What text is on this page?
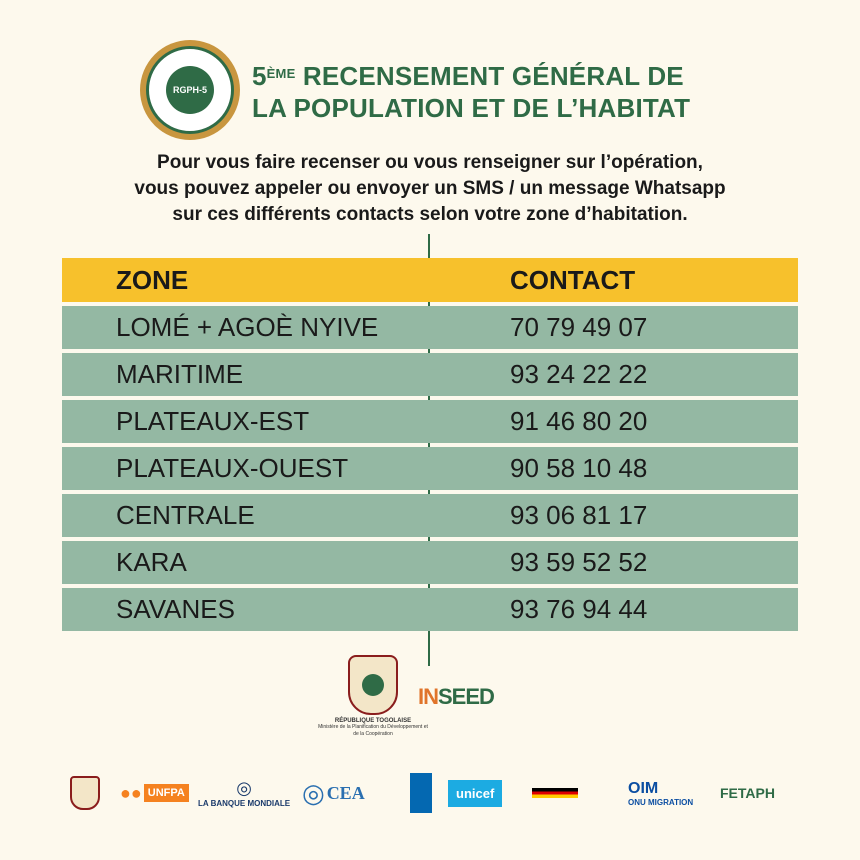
RGPH-5 5ÈME RECENSEMENT GÉNÉRAL DE
LA POPULATION ET DE L’HABITAT
Pour vous faire recenser ou vous renseigner sur l’opération,
vous pouvez appeler ou envoyer un SMS / un message Whatsapp
sur ces différents contacts selon votre zone d’habitation.
ZONE	CONTACT
LOMÉ + AGOÈ NYIVE	70 79 49 07
MARITIME	93 24 22 22
PLATEAUX-EST	91 46 80 20
PLATEAUX-OUEST	90 58 10 48
CENTRALE	93 06 81 17
KARA	93 59 52 52
SAVANES	93 76 94 44
RÉPUBLIQUE TOGOLAISE
Ministère de la Planification du Développement et de la Coopération
INSEED
●● UNFPA	◎
LA BANQUE MONDIALE ◎ CEA	unicef	OIM
ONU MIGRATION
FETAPH
